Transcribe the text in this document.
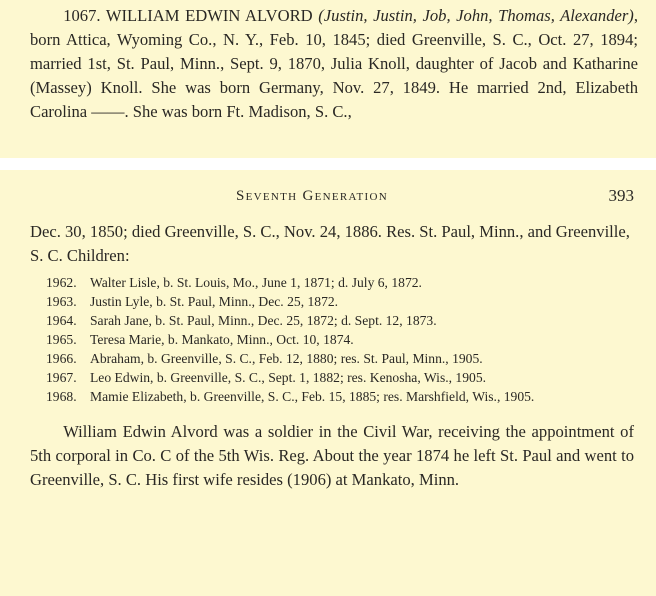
1067. WILLIAM EDWIN ALVORD (Justin, Justin, Job, John, Thomas, Alexander), born Attica, Wyoming Co., N. Y., Feb. 10, 1845; died Greenville, S. C., Oct. 27, 1894; married 1st, St. Paul, Minn., Sept. 9, 1870, Julia Knoll, daughter of Jacob and Katharine (Massey) Knoll. She was born Germany, Nov. 27, 1849. He married 2nd, Elizabeth Carolina ——. She was born Ft. Madison, S. C.,

Seventh Generation	393

Dec. 30, 1850; died Greenville, S. C., Nov. 24, 1886. Res. St. Paul, Minn., and Greenville, S. C. Children:

1962. Walter Lisle, b. St. Louis, Mo., June 1, 1871; d. July 6, 1872.
1963. Justin Lyle, b. St. Paul, Minn., Dec. 25, 1872.
1964. Sarah Jane, b. St. Paul, Minn., Dec. 25, 1872; d. Sept. 12, 1873.
1965. Teresa Marie, b. Mankato, Minn., Oct. 10, 1874.
1966. Abraham, b. Greenville, S. C., Feb. 12, 1880; res. St. Paul, Minn., 1905.
1967. Leo Edwin, b. Greenville, S. C., Sept. 1, 1882; res. Kenosha, Wis., 1905.
1968. Mamie Elizabeth, b. Greenville, S. C., Feb. 15, 1885; res. Marshfield, Wis., 1905.

William Edwin Alvord was a soldier in the Civil War, receiving the appointment of 5th corporal in Co. C of the 5th Wis. Reg. About the year 1874 he left St. Paul and went to Greenville, S. C. His first wife resides (1906) at Mankato, Minn.
